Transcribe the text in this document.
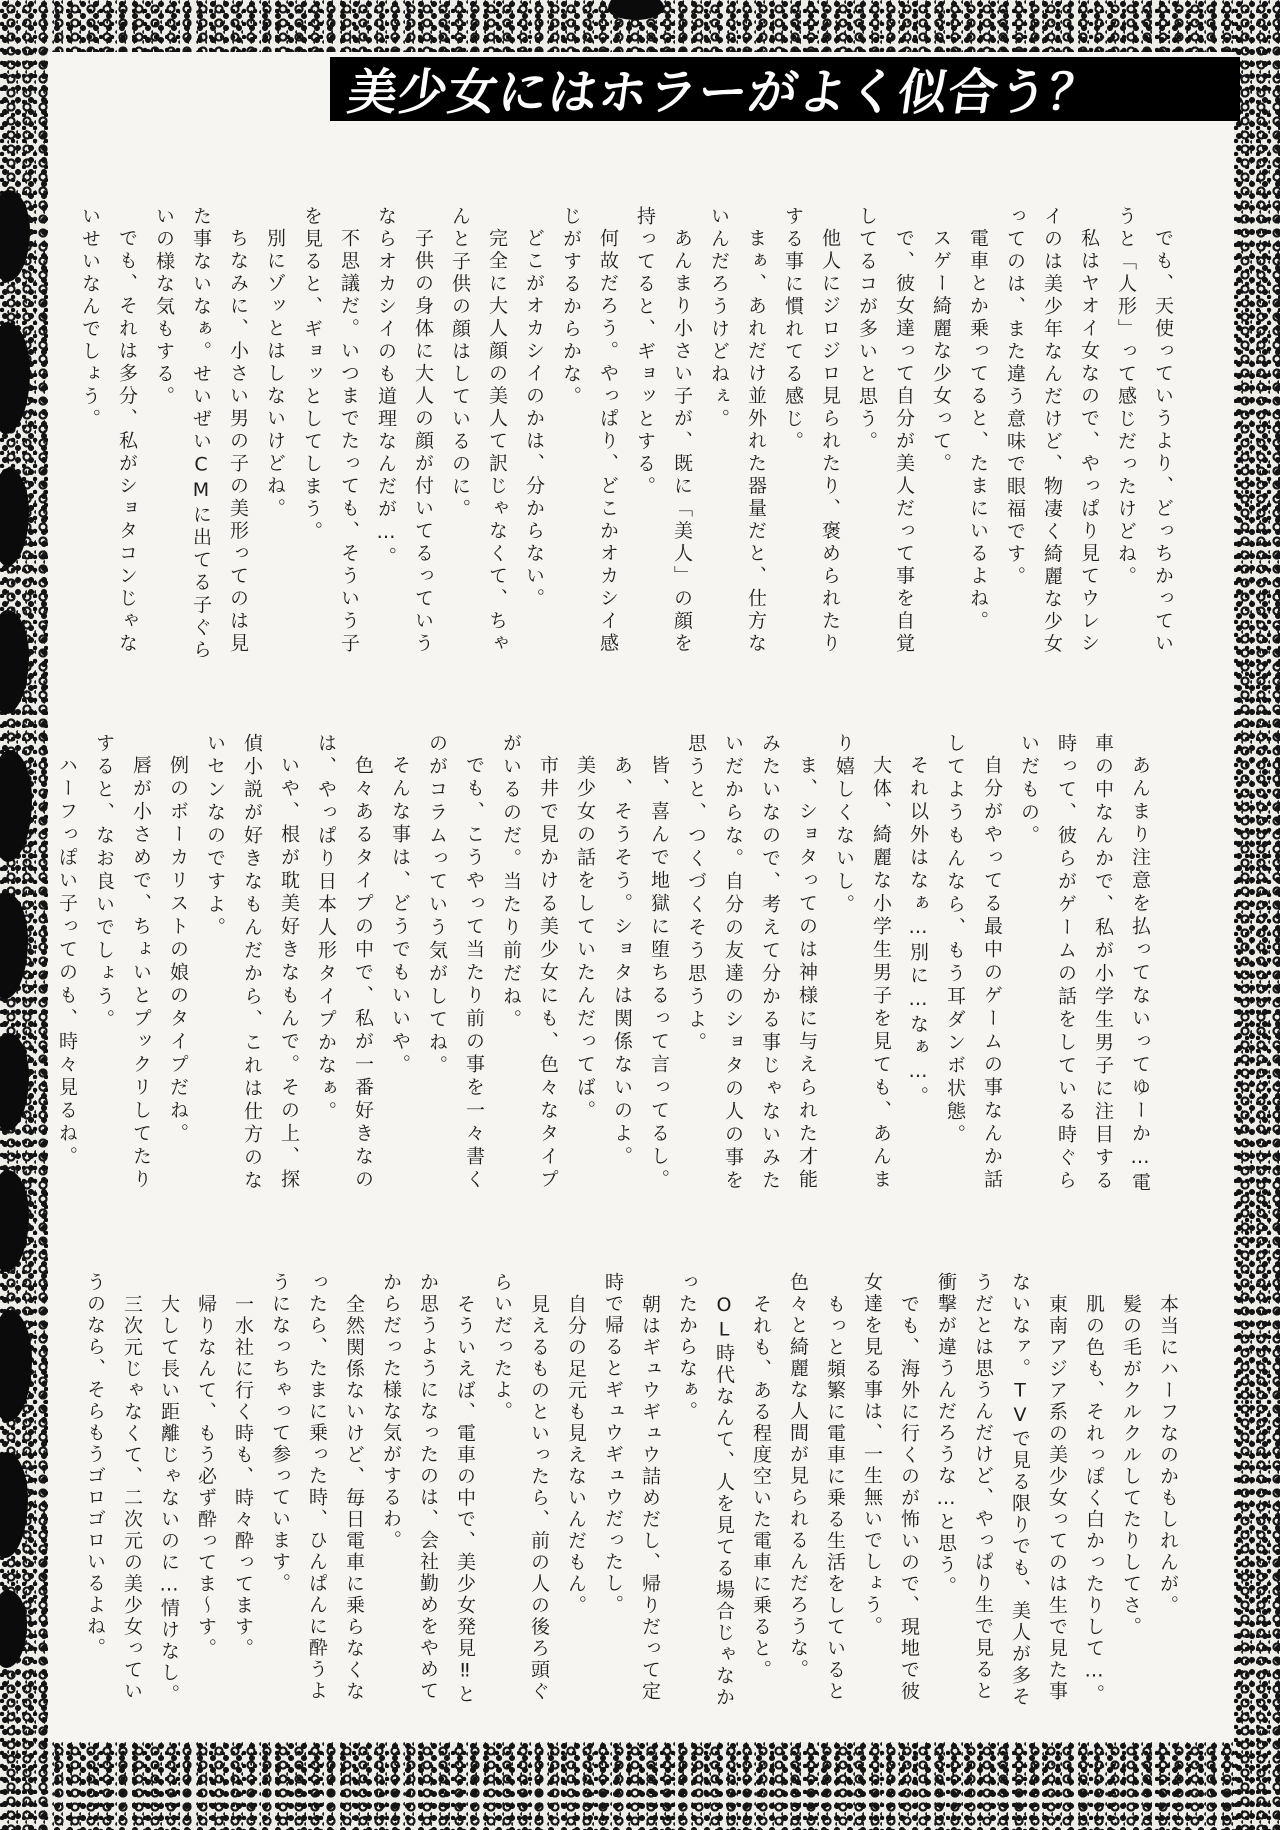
美少女にはホラーがよく似合う？
でも、天使っていうより、どっちかってい
うと「人形」って感じだったけどね。
私はヤオイ女なので、やっぱり見てウレシ
イのは美少年なんだけど、物凄く綺麗な少女
ってのは、また違う意味で眼福です。
電車とか乗ってると、たまにいるよね。
スゲー綺麗な少女って。
で、彼女達って自分が美人だって事を自覚
してるコが多いと思う。
他人にジロジロ見られたり、褒められたり
する事に慣れてる感じ。
まぁ、あれだけ並外れた器量だと、仕方な
いんだろうけどねぇ。
あんまり小さい子が、既に「美人」の顔を
持ってると、ギョッとする。
何故だろう。やっぱり、どこかオカシイ感
じがするからかな。
どこがオカシイのかは、分からない。
完全に大人顔の美人て訳じゃなくて、ちゃ
んと子供の顔はしているのに。
子供の身体に大人の顔が付いてるっていう
ならオカシイのも道理なんだが…。
不思議だ。いつまでたっても、そういう子
を見ると、ギョッとしてしまう。
別にゾッとはしないけどね。
ちなみに、小さい男の子の美形ってのは見
た事ないなぁ。せいぜいCMに出てる子ぐら
いの様な気もする。
でも、それは多分、私がショタコンじゃな
いせいなんでしょう。
あんまり注意を払ってないってゆーか…電
車の中なんかで、私が小学生男子に注目する
時って、彼らがゲームの話をしている時ぐら
いだもの。
自分がやってる最中のゲームの事なんか話
してようもんなら、もう耳ダンボ状態。
それ以外はなぁ…別に…なぁ…。
大体、綺麗な小学生男子を見ても、あんま
り嬉しくないし。
ま、ショタってのは神様に与えられた才能
みたいなので、考えて分かる事じゃないみた
いだからな。自分の友達のショタの人の事を
思うと、つくづくそう思うよ。
皆、喜んで地獄に堕ちるって言ってるし。
あ、そうそう。ショタは関係ないのよ。
美少女の話をしていたんだってば。
市井で見かける美少女にも、色々なタイプ
がいるのだ。当たり前だね。
でも、こうやって当たり前の事を一々書く
のがコラムっていう気がしてね。
そんな事は、どうでもいいや。
色々あるタイプの中で、私が一番好きなの
は、やっぱり日本人形タイプかなぁ。
いや、根が耽美好きなもんで。その上、探
偵小説が好きなもんだから、これは仕方のな
いセンなのですよ。
例のボーカリストの娘のタイプだね。
唇が小さめで、ちょいとプックリしてたり
すると、なお良いでしょう。
ハーフっぽい子ってのも、時々見るね。
本当にハーフなのかもしれんが。
髪の毛がクルクルしてたりしてさ。
肌の色も、それっぽく白かったりして…。
東南アジア系の美少女ってのは生で見た事
ないなァ。TVで見る限りでも、美人が多そ
うだとは思うんだけど、やっぱり生で見ると
衝撃が違うんだろうな…と思う。
でも、海外に行くのが怖いので、現地で彼
女達を見る事は、一生無いでしょう。
もっと頻繁に電車に乗る生活をしていると
色々と綺麗な人間が見られるんだろうな。
それも、ある程度空いた電車に乗ると。
OL時代なんて、人を見てる場合じゃなか
ったからなぁ。
朝はギュウギュウ詰めだし、帰りだって定
時で帰るとギュウギュウだったし。
自分の足元も見えないんだもん。
見えるものといったら、前の人の後ろ頭ぐ
らいだったよ。
そういえば、電車の中で、美少女発見‼と
か思うようになったのは、会社勤めをやめて
からだった様な気がするわ。
全然関係ないけど、毎日電車に乗らなくな
ったら、たまに乗った時、ひんぱんに酔うよ
うになっちゃって参っています。
一水社に行く時も、時々酔ってます。
帰りなんて、もう必ず酔ってま～す。
大して長い距離じゃないのに…情けなし。
三次元じゃなくて、二次元の美少女ってい
うのなら、そらもうゴロゴロいるよね。
